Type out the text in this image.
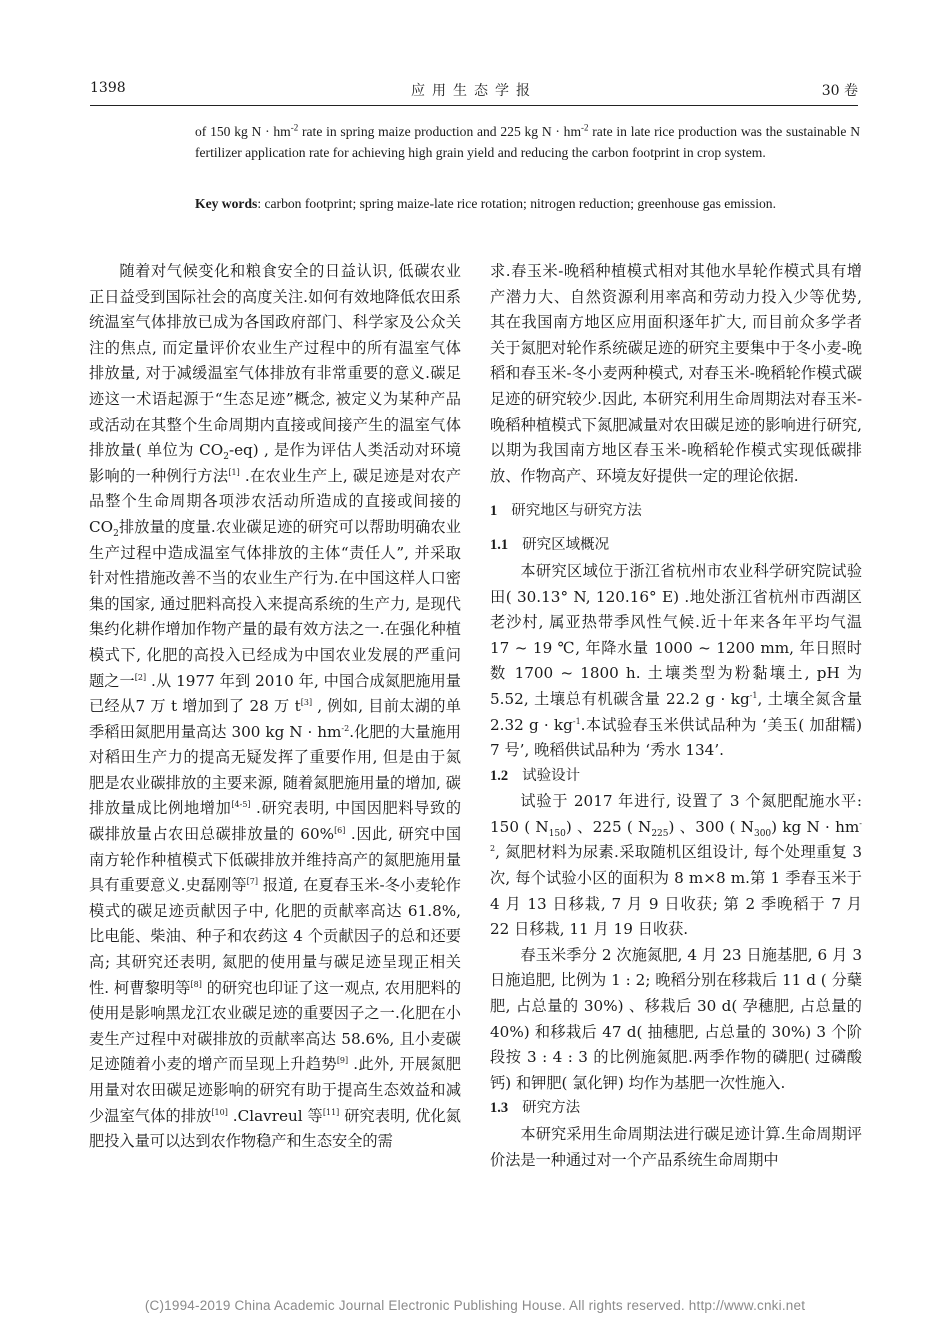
1398	应用生态学报	30 卷
of 150 kg $N \cdot hm^{-2}$ rate in spring maize production and 225 kg $N \cdot hm^{-2}$ rate in late rice production was the sustainable N fertilizer application rate for achieving high grain yield and reducing the carbon footprint in crop system.
Key words: carbon footprint; spring maize-late rice rotation; nitrogen reduction; greenhouse gas emission.

随着对气候变化和粮食安全的日益认识, 低碳农业正日益受到国际社会的高度关注.如何有效地降低农田系统温室气体排放已成为各国政府部门、科学家及公众关注的焦点, 而定量评价农业生产过程中的所有温室气体排放量, 对于减缓温室气体排放有非常重要的意义.碳足迹这一术语起源于“生态足迹”概念, 被定义为某种产品或活动在其整个生命周期内直接或间接产生的温室气体排放量( 单位为 $CO_2-eq$) , 是作为评估人类活动对环境影响的一种例行方法[1] .在农业生产上, 碳足迹是对农产品整个生命周期各项涉农活动所造成的直接或间接的$CO_2$排放量的度量.农业碳足迹的研究可以帮助明确农业生产过程中造成温室气体排放的主体“责任人”, 并采取针对性措施改善不当的农业生产行为.在中国这样人口密集的国家, 通过肥料高投入来提高系统的生产力, 是现代集约化耕作增加作物产量的最有效方法之一.在强化种植模式下, 化肥的高投入已经成为中国农业发展的严重问题之一[2] .从 1977 年到 2010 年, 中国合成氮肥施用量已经从7 万 t 增加到了 28 万 t[3] , 例如, 目前太湖的单季稻田氮肥用量高达 300 kg $N \cdot hm^{-2}$.化肥的大量施用对稻田生产力的提高无疑发挥了重要作用, 但是由于氮肥是农业碳排放的主要来源, 随着氮肥施用量的增加, 碳排放量成比例地增加[4-5] .研究表明, 中国因肥料导致的碳排放量占农田总碳排放量的 60%[6] .因此, 研究中国南方轮作种植模式下低碳排放并维持高产的氮肥施用量具有重要意义.史磊刚等[7] 报道, 在夏春玉米-冬小麦轮作模式的碳足迹贡献因子中, 化肥的贡献率高达 61.8%, 比电能、柴油、种子和农药这 4 个贡献因子的总和还要高; 其研究还表明, 氮肥的使用量与碳足迹呈现正相关性. 柯曹黎明等[8] 的研究也印证了这一观点, 农用肥料的使用是影响黑龙江农业碳足迹的重要因子之一.化肥在小麦生产过程中对碳排放的贡献率高达 58.6%, 且小麦碳足迹随着小麦的增产而呈现上升趋势[9] .此外, 开展氮肥用量对农田碳足迹影响的研究有助于提高生态效益和减少温室气体的排放[10] .Clavreul 等[11] 研究表明, 优化氮肥投入量可以达到农作物稳产和生态安全的需

求.春玉米-晚稻种植模式相对其他水旱轮作模式具有增产潜力大、自然资源利用率高和劳动力投入少等优势, 其在我国南方地区应用面积逐年扩大, 而目前众多学者关于氮肥对轮作系统碳足迹的研究主要集中于冬小麦-晚稻和春玉米-冬小麦两种模式, 对春玉米-晚稻轮作模式碳足迹的研究较少.因此, 本研究利用生命周期法对春玉米-晚稻种植模式下氮肥减量对农田碳足迹的影响进行研究, 以期为我国南方地区春玉米-晚稻轮作模式实现低碳排放、作物高产、环境友好提供一定的理论依据.

1 研究地区与研究方法
1.1 研究区域概况

本研究区域位于浙江省杭州市农业科学研究院试验田( 30.13° N, 120.16° E) .地处浙江省杭州市西湖区老沙村, 属亚热带季风性气候.近十年来各年平均气温 17 ~ 19 ℃, 年降水量 1000 ~ 1200 mm, 年日照时数 1700 ~ 1800 h. 土壤类型为粉黏壤土, pH 为 5.52, 土壤总有机碳含量 22.2 $g \cdot kg^{-1}$, 土壤全氮含量 2.32 $g \cdot kg^{-1}$.本试验春玉米供试品种为 ‘美玉( 加甜糯) 7 号’, 晚稻供试品种为 ‘秀水 134’.

1.2 试验设计

试验于 2017 年进行, 设置了 3 个氮肥配施水平: 150 ( $N_{150}$) 、225 ( $N_{225}$) 、300 ( $N_{300}$) kg $N \cdot hm^{-2}$, 氮肥材料为尿素.采取随机区组设计, 每个处理重复 3 次, 每个试验小区的面积为 8 m×8 m.第 1 季春玉米于 4 月 13 日移栽, 7 月 9 日收获; 第 2 季晚稻于 7 月 22 日移栽, 11 月 19 日收获.

春玉米季分 2 次施氮肥, 4 月 23 日施基肥, 6 月 3 日施追肥, 比例为 1 : 2; 晚稻分别在移栽后 11 d ( 分蘖肥, 占总量的 30%) 、移栽后 30 d( 孕穗肥, 占总量的 40%) 和移栽后 47 d( 抽穗肥, 占总量的 30%) 3 个阶段按 3 : 4 : 3 的比例施氮肥.两季作物的磷肥( 过磷酸钙) 和钾肥( 氯化钾) 均作为基肥一次性施入.

1.3 研究方法

本研究采用生命周期法进行碳足迹计算.生命周期评价法是一种通过对一个产品系统生命周期中

(C)1994-2019 China Academic Journal Electronic Publishing House. All rights reserved. http://www.cnki.net
